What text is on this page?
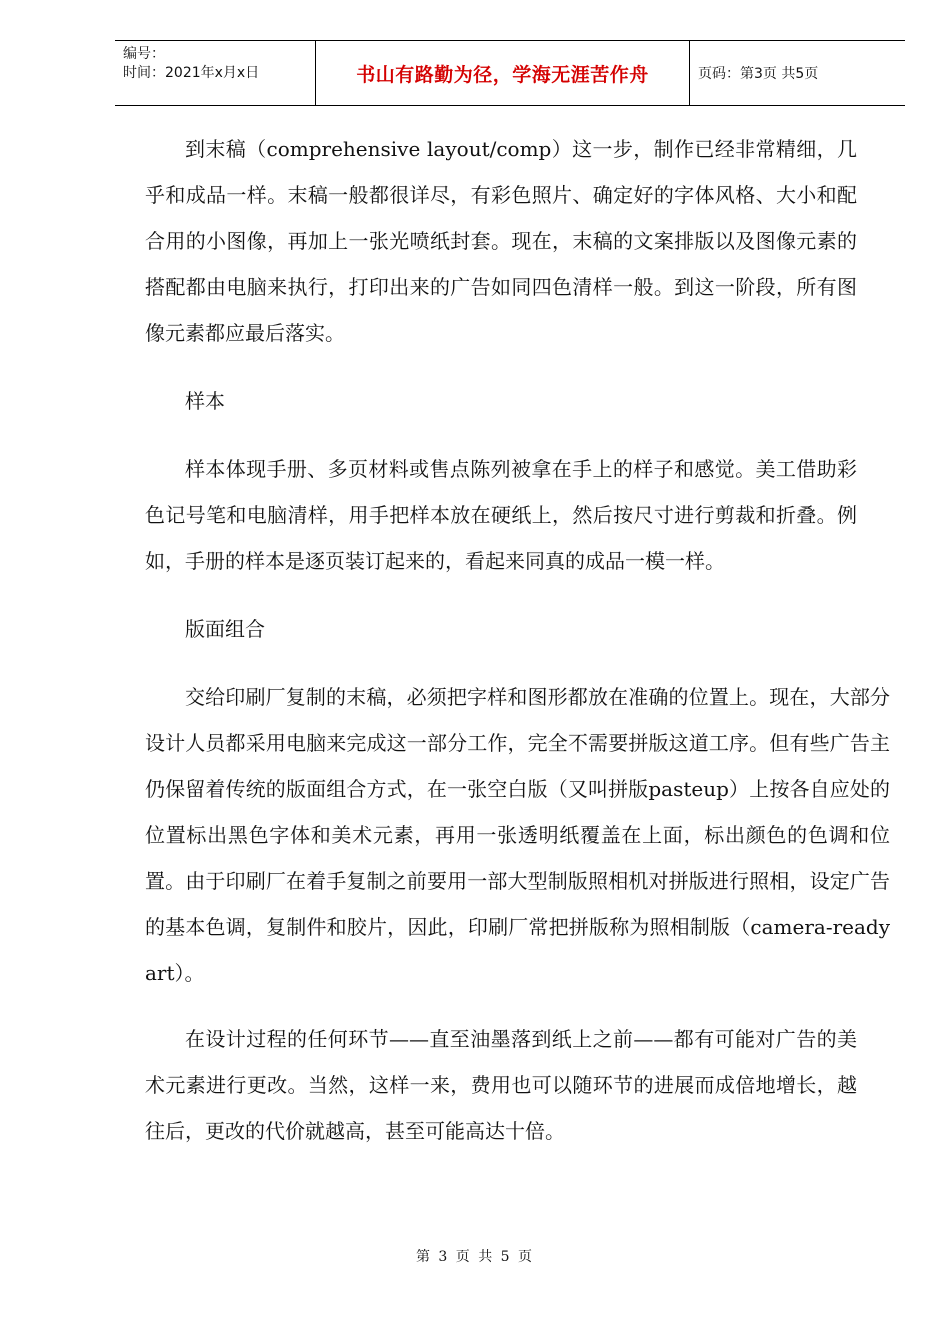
编号：
时间：2021年x月x日	书山有路勤为径，学海无涯苦作舟	页码：第3页 共5页

到末稿（comprehensive layout/comp）这一步，制作已经非常精细，几乎和成品一样。末稿一般都很详尽，有彩色照片、确定好的字体风格、大小和配合用的小图像，再加上一张光喷纸封套。现在，末稿的文案排版以及图像元素的搭配都由电脑来执行，打印出来的广告如同四色清样一般。到这一阶段，所有图像元素都应最后落实。

样本

样本体现手册、多页材料或售点陈列被拿在手上的样子和感觉。美工借助彩色记号笔和电脑清样，用手把样本放在硬纸上，然后按尺寸进行剪裁和折叠。例如，手册的样本是逐页装订起来的，看起来同真的成品一模一样。

版面组合

交给印刷厂复制的末稿，必须把字样和图形都放在准确的位置上。现在，大部分设计人员都采用电脑来完成这一部分工作，完全不需要拼版这道工序。但有些广告主仍保留着传统的版面组合方式，在一张空白版（又叫拼版pasteup）上按各自应处的位置标出黑色字体和美术元素，再用一张透明纸覆盖在上面，标出颜色的色调和位置。由于印刷厂在着手复制之前要用一部大型制版照相机对拼版进行照相，设定广告的基本色调，复制件和胶片，因此，印刷厂常把拼版称为照相制版（camera-ready art）。

在设计过程的任何环节——直至油墨落到纸上之前——都有可能对广告的美术元素进行更改。当然，这样一来，费用也可以随环节的进展而成倍地增长，越往后，更改的代价就越高，甚至可能高达十倍。

第 3 页 共 5 页
